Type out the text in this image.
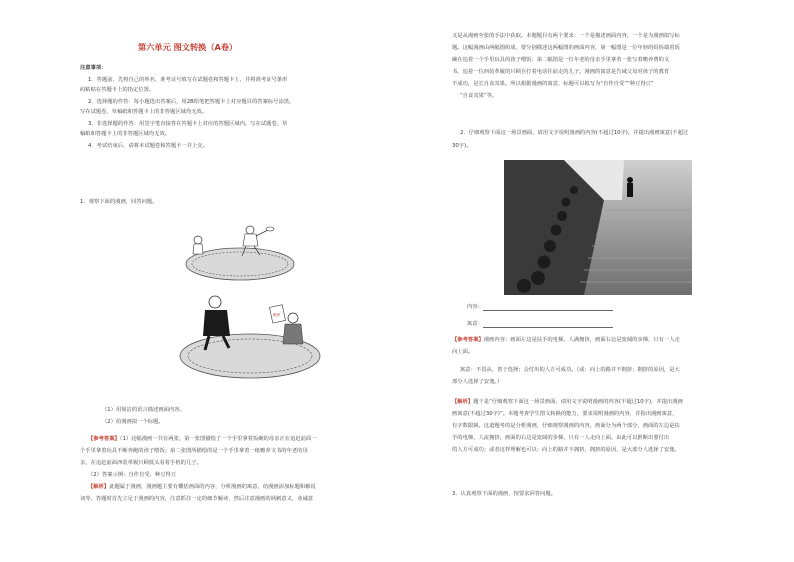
第六单元 图文转换（A卷）
注意事项：
1．答题前，先将自己的姓名、准考证号填写在试题卷和答题卡上，并将准考证号条形
码粘贴在答题卡上的指定位置。
2．选择题的作答：每小题选出答案后，用2B铅笔把答题卡上对应题目的答案标号涂黑，
写在试题卷、草稿纸和答题卡上的非答题区域均无效。
3．非选择题的作答：用签字笔直接答在答题卡上对应的答题区域内。写在试题卷、草
稿纸和答题卡上的非答题区域均无效。
4．考试结束后，请将本试题卷和答题卡一并上交。
1．观察下面的漫画，回答问题。
赡养
（1）用简洁的语言描述画面内容。
（2）给漫画拟一个标题。
【参考答案】（1）这幅漫画一共有两张，第一张图描绘了一个手里拿着饭碗的母亲正在追赶前面一
个手里拿着玩具不断奔跑的孩子喂饭；第二张图所描绘的是一个手里拿着一纸赡养文书的年老的母
亲，在追赶前面西装革履只顾低头看着手机的儿子。
（2）答案示例：自作自受、种豆得豆
【解析】此题属于漫画，漫画题主要有概括画面的内容，分析漫画的寓意，给漫画添加标题和解说
词等。答题时首先立足于漫画的内容，注意抓住一定的细节解读，然后注意漫画的讽刺意义，劝诫意
义是从漫画夸张的手法中获取。本题题目有两个要求：一个是描述画面内容，一个是为漫画拟写标
题。这幅漫画由两幅图组成，要分别描述这两幅图的画面内容，第一幅图是一位年轻的妈妈端着饭
碗在追着一个手里玩具的孩子喂饭；第二幅图是一位年老的母亲手里拿着一张写着赡养费的文
书，追着一位西装革履的只顾自打着电话往前走的儿子。漫画的寓意是告诫父母对孩子的教育
不成功，是长自食其果。所以根据漫画的寓意，标题可以拟写为“自作自受”“种豆得豆”
“自食其果”等。
2．仔细观察下面这一场景画面，请用文字说明漫画的内容(不超过10字)，并提出漫画寓意(不超过
30字)。
内容：
寓意：
【参考答案】漫画内容：画面左边是扶手的电梯，人满拥挤，画面右边是宽阔的步梯，只有一人走
向上面。
寓意：不畏从、善于选择；会付出的人方可成功。（或：向上的路并不拥挤；拥挤的原因，是大
部分人选择了安逸。）
【解析】题干是“仔细观察下面这一场景画面，请用文字说明漫画的内容(不超过10字)，并提出漫画
画寓意(不超过30字)”。本题考查学生图文转换的能力，要求说明漫画的内容，并指出漫画寓意，
有字数限制。这道题考的是分析漫画，仔细观察漫画的内容，画面分为两个部分，画面的左边是扶
手的电梯，人流拥挤，画面的右边是宽阔的步梯，只有一人走向上面。由此可以推断出要付出
的人方可成功；或者这样理解也可以：向上的路并不拥挤，拥挤的原因，是大部分人选择了安逸。
3．认真观察下面的漫画，按要求回答问题。
